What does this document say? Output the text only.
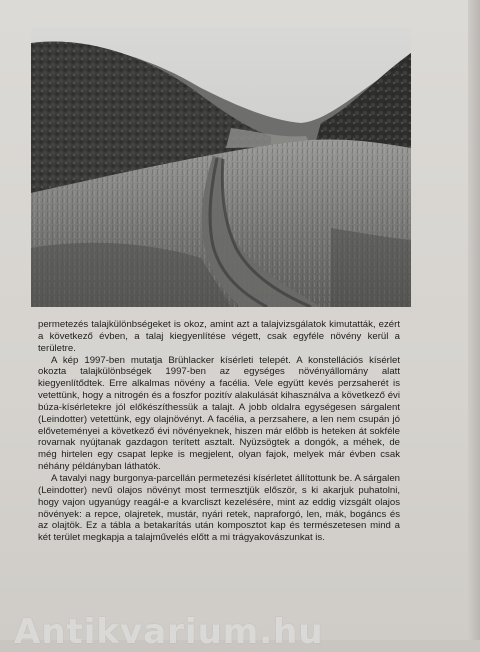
permetezés talajkülönbségeket is okoz, amint azt a talajvizsgálatok kimutatták, ezért a következő évben, a talaj kiegyenlítése végett, csak egyféle növény kerül a területre.

A kép 1997-ben mutatja Brühlacker kísérleti telepét. A konstellációs kísérlet okozta talajkülönbségek 1997-ben az egységes növényállomány alatt kiegyenlítődtek. Erre alkalmas növény a facélia. Vele együtt kevés perzsaherét is vetettünk, hogy a nitrogén és a foszfor pozitív alakulását kihasználva a következő évi búza-kísérletekre jól előkészíthessük a talajt. A jobb oldalra egységesen sárgalent (Leindotter) vetettünk, egy olajnövényt. A facélia, a perzsahere, a len nem csupán jó előveteményei a következő évi növényeknek, hiszen már előbb is heteken át sokféle rovarnak nyújtanak gazdagon terített asztalt. Nyüzsögtek a dongók, a méhek, de még hirtelen egy csapat lepke is megjelent, olyan fajok, melyek már évben csak néhány példányban láthatók.

A tavalyi nagy burgonya-parcellán permetezési kísérletet állítottunk be. A sárgalen (Leindotter) nevű olajos növényt most termesztjük először, s ki akarjuk puhatolni, hogy vajon ugyanúgy reagál-e a kvarcliszt kezelésére, mint az eddig vizsgált olajos növények: a repce, olajretek, mustár, nyári retek, napraforgó, len, mák, bogáncs és az olajtök. Ez a tábla a betakarítás után komposztot kap és természetesen mind a két terület megkapja a talajművelés előtt a mi trágyakovászunkat is.

Antikvarium.hu
